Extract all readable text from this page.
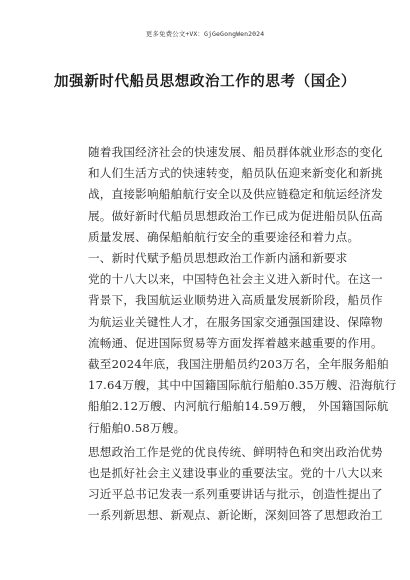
更多免费公文+VX：GjGeGongWen2024
加强新时代船员思想政治工作的思考（国企）
随着我国经济社会的快速发展、船员群体就业形态的变化
和人们生活方式的快速转变，船员队伍迎来新变化和新挑
战，直接影响船舶航行安全以及供应链稳定和航运经济发
展。做好新时代船员思想政治工作已成为促进船员队伍高
质量发展、确保船舶航行安全的重要途径和着力点。
一、新时代赋予船员思想政治工作新内涵和新要求
党的十八大以来，中国特色社会主义进入新时代。在这一
背景下，我国航运业顺势进入高质量发展新阶段，船员作
为航运业关键性人才，在服务国家交通强国建设、保障物
流畅通、促进国际贸易等方面发挥着越来越重要的作用。
截至2024年底，我国注册船员约203万名，全年服务船舶
17.64万艘，其中中国籍国际航行船舶0.35万艘、沿海航行
船舶2.12万艘、内河航行船舶14.59万艘， 外国籍国际航
行船舶0.58万艘。
思想政治工作是党的优良传统、鲜明特色和突出政治优势
也是抓好社会主义建设事业的重要法宝。党的十八大以来
习近平总书记发表一系列重要讲话与批示，创造性提出了
一系列新思想、新观点、新论断，深刻回答了思想政治工
